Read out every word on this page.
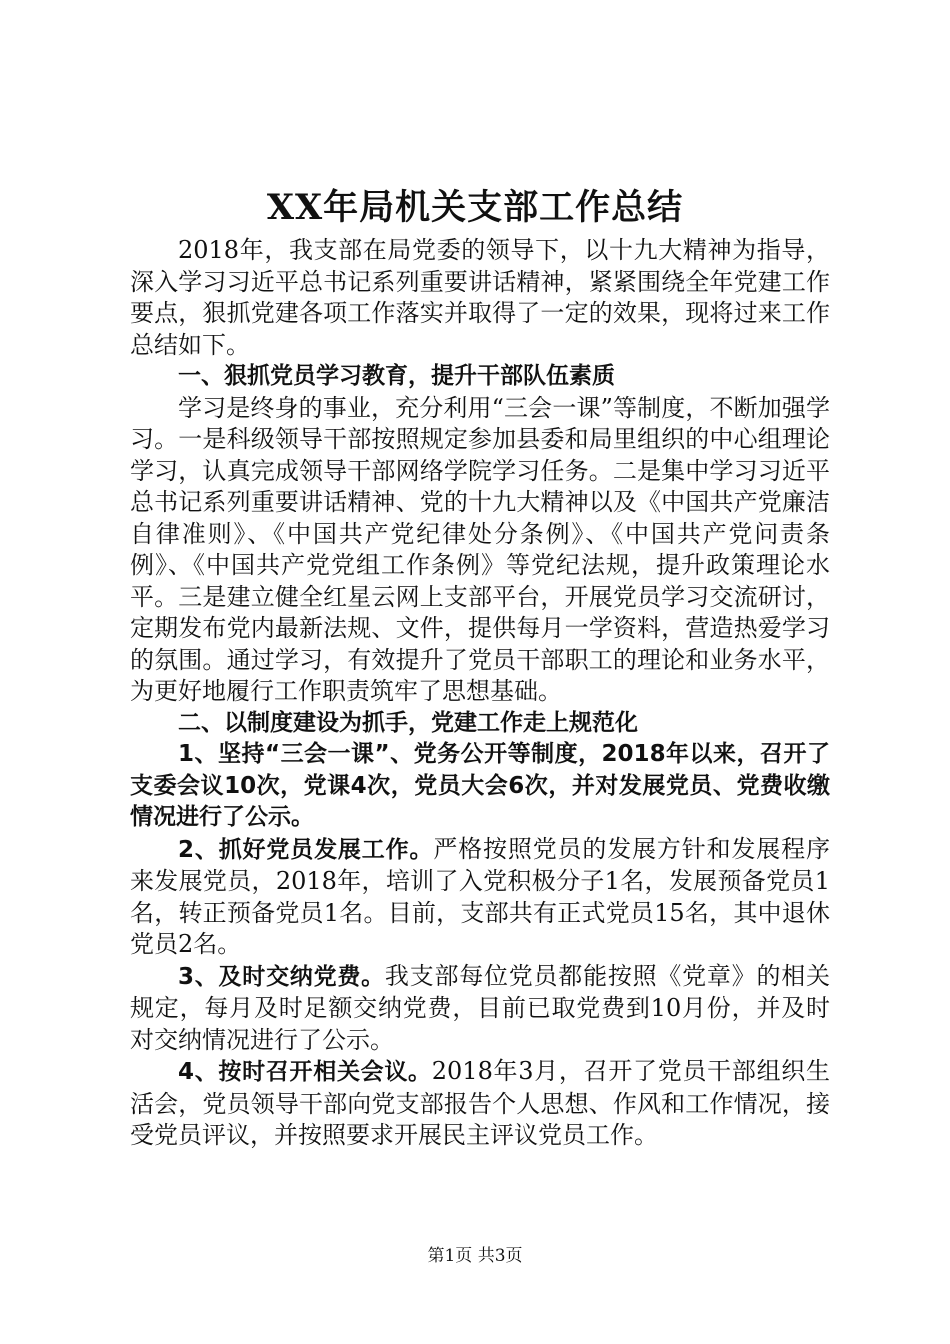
XX年局机关支部工作总结

2018年，我支部在局党委的领导下，以十九大精神为指导，深入学习习近平总书记系列重要讲话精神，紧紧围绕全年党建工作要点，狠抓党建各项工作落实并取得了一定的效果，现将过来工作总结如下。

一、狠抓党员学习教育，提升干部队伍素质

学习是终身的事业，充分利用“三会一课”等制度，不断加强学习。一是科级领导干部按照规定参加县委和局里组织的中心组理论学习，认真完成领导干部网络学院学习任务。二是集中学习习近平总书记系列重要讲话精神、党的十九大精神以及《中国共产党廉洁自律准则》、《中国共产党纪律处分条例》、《中国共产党问责条例》、《中国共产党党组工作条例》等党纪法规，提升政策理论水平。三是建立健全红星云网上支部平台，开展党员学习交流研讨，定期发布党内最新法规、文件，提供每月一学资料，营造热爱学习的氛围。通过学习，有效提升了党员干部职工的理论和业务水平，为更好地履行工作职责筑牢了思想基础。

二、以制度建设为抓手，党建工作走上规范化

1、坚持“三会一课”、党务公开等制度，2018年以来，召开了支委会议10次，党课4次，党员大会6次，并对发展党员、党费收缴情况进行了公示。

2、抓好党员发展工作。严格按照党员的发展方针和发展程序来发展党员，2018年，培训了入党积极分子1名，发展预备党员1名，转正预备党员1名。目前，支部共有正式党员15名，其中退休党员2名。

3、及时交纳党费。我支部每位党员都能按照《党章》的相关规定，每月及时足额交纳党费，目前已取党费到10月份，并及时对交纳情况进行了公示。

4、按时召开相关会议。2018年3月，召开了党员干部组织生活会，党员领导干部向党支部报告个人思想、作风和工作情况，接受党员评议，并按照要求开展民主评议党员工作。

第1页 共3页
